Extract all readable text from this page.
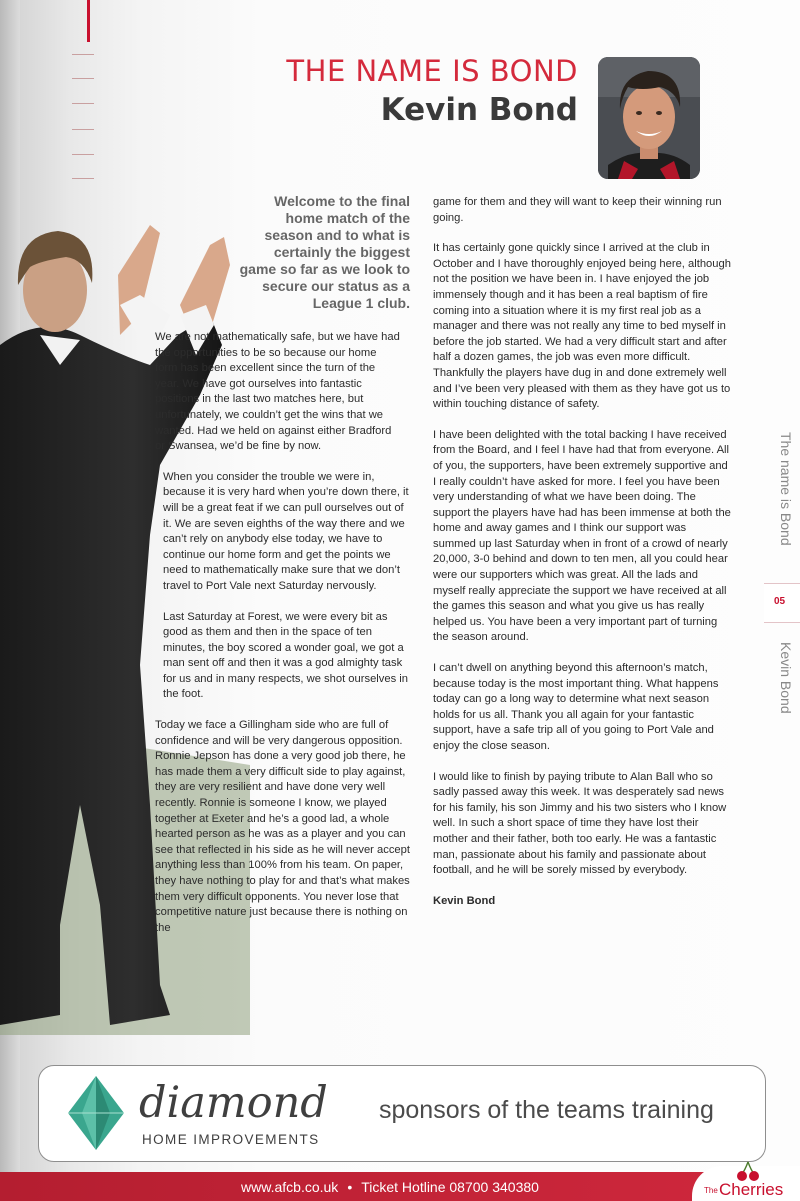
THE NAME IS BOND
Kevin Bond
Welcome to the final home match of the season and to what is certainly the biggest game so far as we look to secure our status as a League 1 club.

We are not mathematically safe, but we have had the opportunities to be so because our home form has been excellent since the turn of the year. We have got ourselves into fantastic positions in the last two matches here, but unfortunately, we couldn’t get the wins that we wanted. Had we held on against either Bradford or Swansea, we’d be fine by now.

When you consider the trouble we were in, because it is very hard when you’re down there, it will be a great feat if we can pull ourselves out of it. We are seven eighths of the way there and we can’t rely on anybody else today, we have to continue our home form and get the points we need to mathematically make sure that we don’t travel to Port Vale next Saturday nervously.

Last Saturday at Forest, we were every bit as good as them and then in the space of ten minutes, the boy scored a wonder goal, we got a man sent off and then it was a god almighty task for us and in many respects, we shot ourselves in the foot.

Today we face a Gillingham side who are full of confidence and will be very dangerous opposition. Ronnie Jepson has done a very good job there, he has made them a very difficult side to play against, they are very resilient and have done very well recently. Ronnie is someone I know, we played together at Exeter and he’s a good lad, a whole hearted person as he was as a player and you can see that reflected in his side as he will never accept anything less than 100% from his team. On paper, they have nothing to play for and that’s what makes them very difficult opponents. You never lose that competitive nature just because there is nothing on the

game for them and they will want to keep their winning run going.

It has certainly gone quickly since I arrived at the club in October and I have thoroughly enjoyed being here, although not the position we have been in. I have enjoyed the job immensely though and it has been a real baptism of fire coming into a situation where it is my first real job as a manager and there was not really any time to bed myself in before the job started. We had a very difficult start and after half a dozen games, the job was even more difficult. Thankfully the players have dug in and done extremely well and I’ve been very pleased with them as they have got us to within touching distance of safety.

I have been delighted with the total backing I have received from the Board, and I feel I have had that from everyone. All of you, the supporters, have been extremely supportive and I really couldn’t have asked for more. I feel you have been very understanding of what we have been doing. The support the players have had has been immense at both the home and away games and I think our support was summed up last Saturday when in front of a crowd of nearly 20,000, 3-0 behind and down to ten men, all you could hear were our supporters which was great. All the lads and myself really appreciate the support we have received at all the games this season and what you give us has really helped us. You have been a very important part of turning the season around.

I can’t dwell on anything beyond this afternoon’s match, because today is the most important thing. What happens today can go a long way to determine what next season holds for us all. Thank you all again for your fantastic support, have a safe trip all of you going to Port Vale and enjoy the close season.

I would like to finish by paying tribute to Alan Ball who so sadly passed away this week. It was desperately sad news for his family, his son Jimmy and his two sisters who I know well. In such a short space of time they have lost their mother and their father, both too early. He was a fantastic man, passionate about his family and passionate about football, and he will be sorely missed by everybody.

Kevin Bond

The name is Bond
05
Kevin Bond
diamond
HOME IMPROVEMENTS
sponsors of the teams training
www.afcb.co.uk • Ticket Hotline 08700 340380	The Cherries
